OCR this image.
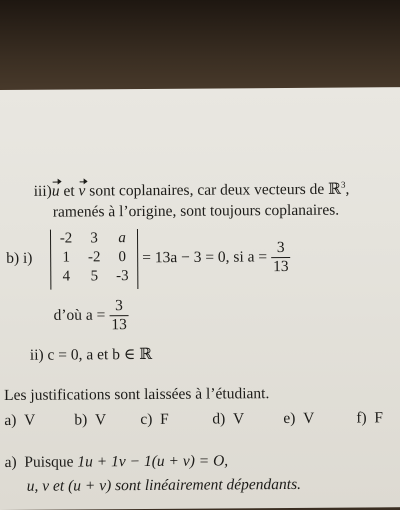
iii)u et v sont coplanaires, car deux vecteurs de ℝ$^3$,
ramenés à l’origine, sont toujours coplanaires.
b) i)
-2	3	a
1	-2	0
4	5	-3
= 13a − 3 = 0, si $a = \frac{3}{13}$
d’où $a = \frac{3}{13}$
ii) c = 0, a et b ∈ ℝ
Les justifications sont laissées à l’étudiant.
a) V	b) V c) F	d) V	e) V	f) F
a) Puisque 1u + 1v − 1(u + v) = O,
u, v et (u + v) sont linéairement dépendants.
